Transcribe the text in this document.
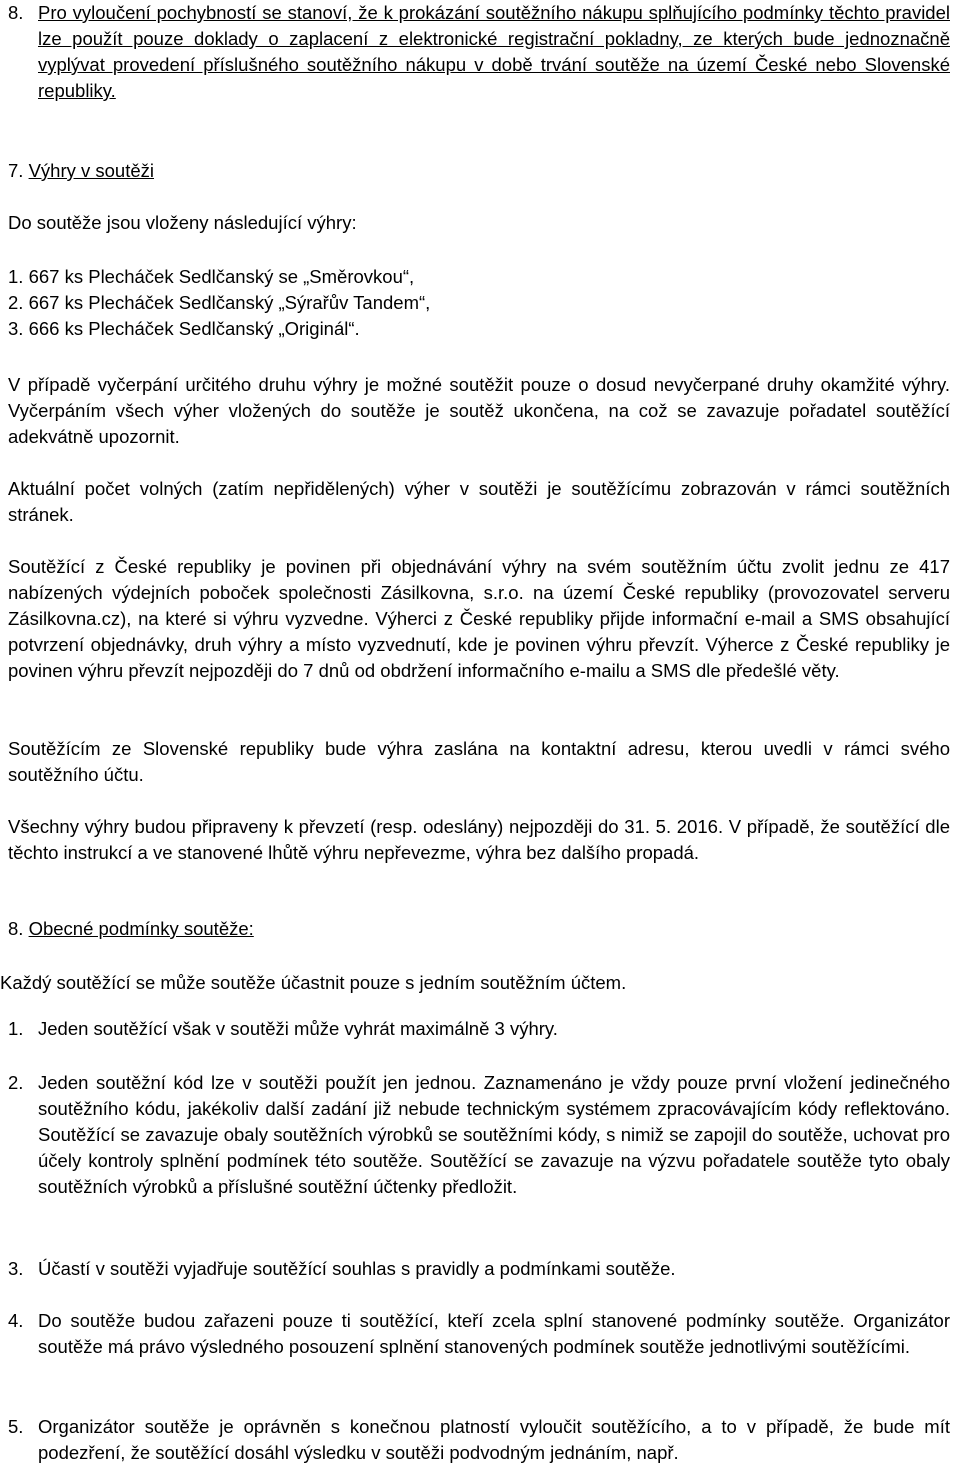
8. Pro vyloučení pochybností se stanoví, že k prokázání soutěžního nákupu splňujícího podmínky těchto pravidel lze použít pouze doklady o zaplacení z elektronické registrační pokladny, ze kterých bude jednoznačně vyplývat provedení příslušného soutěžního nákupu v době trvání soutěže na území České nebo Slovenské republiky.
7. Výhry v soutěži

Do soutěže jsou vloženy následující výhry:

1. 667 ks Plecháček Sedlčanský se „Směrovkou“,
2. 667 ks Plecháček Sedlčanský „Sýrařův Tandem“,
3. 666 ks Plecháček Sedlčanský „Originál“.

V případě vyčerpání určitého druhu výhry je možné soutěžit pouze o dosud nevyčerpané druhy okamžité výhry. Vyčerpáním všech výher vložených do soutěže je soutěž ukončena, na což se zavazuje pořadatel soutěžící adekvátně upozornit.

Aktuální počet volných (zatím nepřidělených) výher v soutěži je soutěžícímu zobrazován v rámci soutěžních stránek.

Soutěžící z České republiky je povinen při objednávání výhry na svém soutěžním účtu zvolit jednu ze 417 nabízených výdejních poboček společnosti Zásilkovna, s.r.o. na území České republiky (provozovatel serveru Zásilkovna.cz), na které si výhru vyzvedne. Výherci z České republiky přijde informační e-mail a SMS obsahující potvrzení objednávky, druh výhry a místo vyzvednutí, kde je povinen výhru převzít. Výherce z České republiky je povinen výhru převzít nejpozději do 7 dnů od obdržení informačního e-mailu a SMS dle předešlé věty.

Soutěžícím ze Slovenské republiky bude výhra zaslána na kontaktní adresu, kterou uvedli v rámci svého soutěžního účtu.

Všechny výhry budou připraveny k převzetí (resp. odeslány) nejpozději do 31. 5. 2016. V případě, že soutěžící dle těchto instrukcí a ve stanovené lhůtě výhru nepřevezme, výhra bez dalšího propadá.

8. Obecné podmínky soutěže:

Každý soutěžící se může soutěže účastnit pouze s jedním soutěžním účtem.

1. Jeden soutěžící však v soutěži může vyhrát maximálně 3 výhry.
2. Jeden soutěžní kód lze v soutěži použít jen jednou. Zaznamenáno je vždy pouze první vložení jedinečného soutěžního kódu, jakékoliv další zadání již nebude technickým systémem zpracovávajícím kódy reflektováno. Soutěžící se zavazuje obaly soutěžních výrobků se soutěžními kódy, s nimiž se zapojil do soutěže, uchovat pro účely kontroly splnění podmínek této soutěže. Soutěžící se zavazuje na výzvu pořadatele soutěže tyto obaly soutěžních výrobků a příslušné soutěžní účtenky předložit.
3. Účastí v soutěži vyjadřuje soutěžící souhlas s pravidly a podmínkami soutěže.
4. Do soutěže budou zařazeni pouze ti soutěžící, kteří zcela splní stanovené podmínky soutěže. Organizátor soutěže má právo výsledného posouzení splnění stanovených podmínek soutěže jednotlivými soutěžícími.
5. Organizátor soutěže je oprávněn s konečnou platností vyloučit soutěžícího, a to v případě, že bude mít podezření, že soutěžící dosáhl výsledku v soutěži podvodným jednáním, např.
